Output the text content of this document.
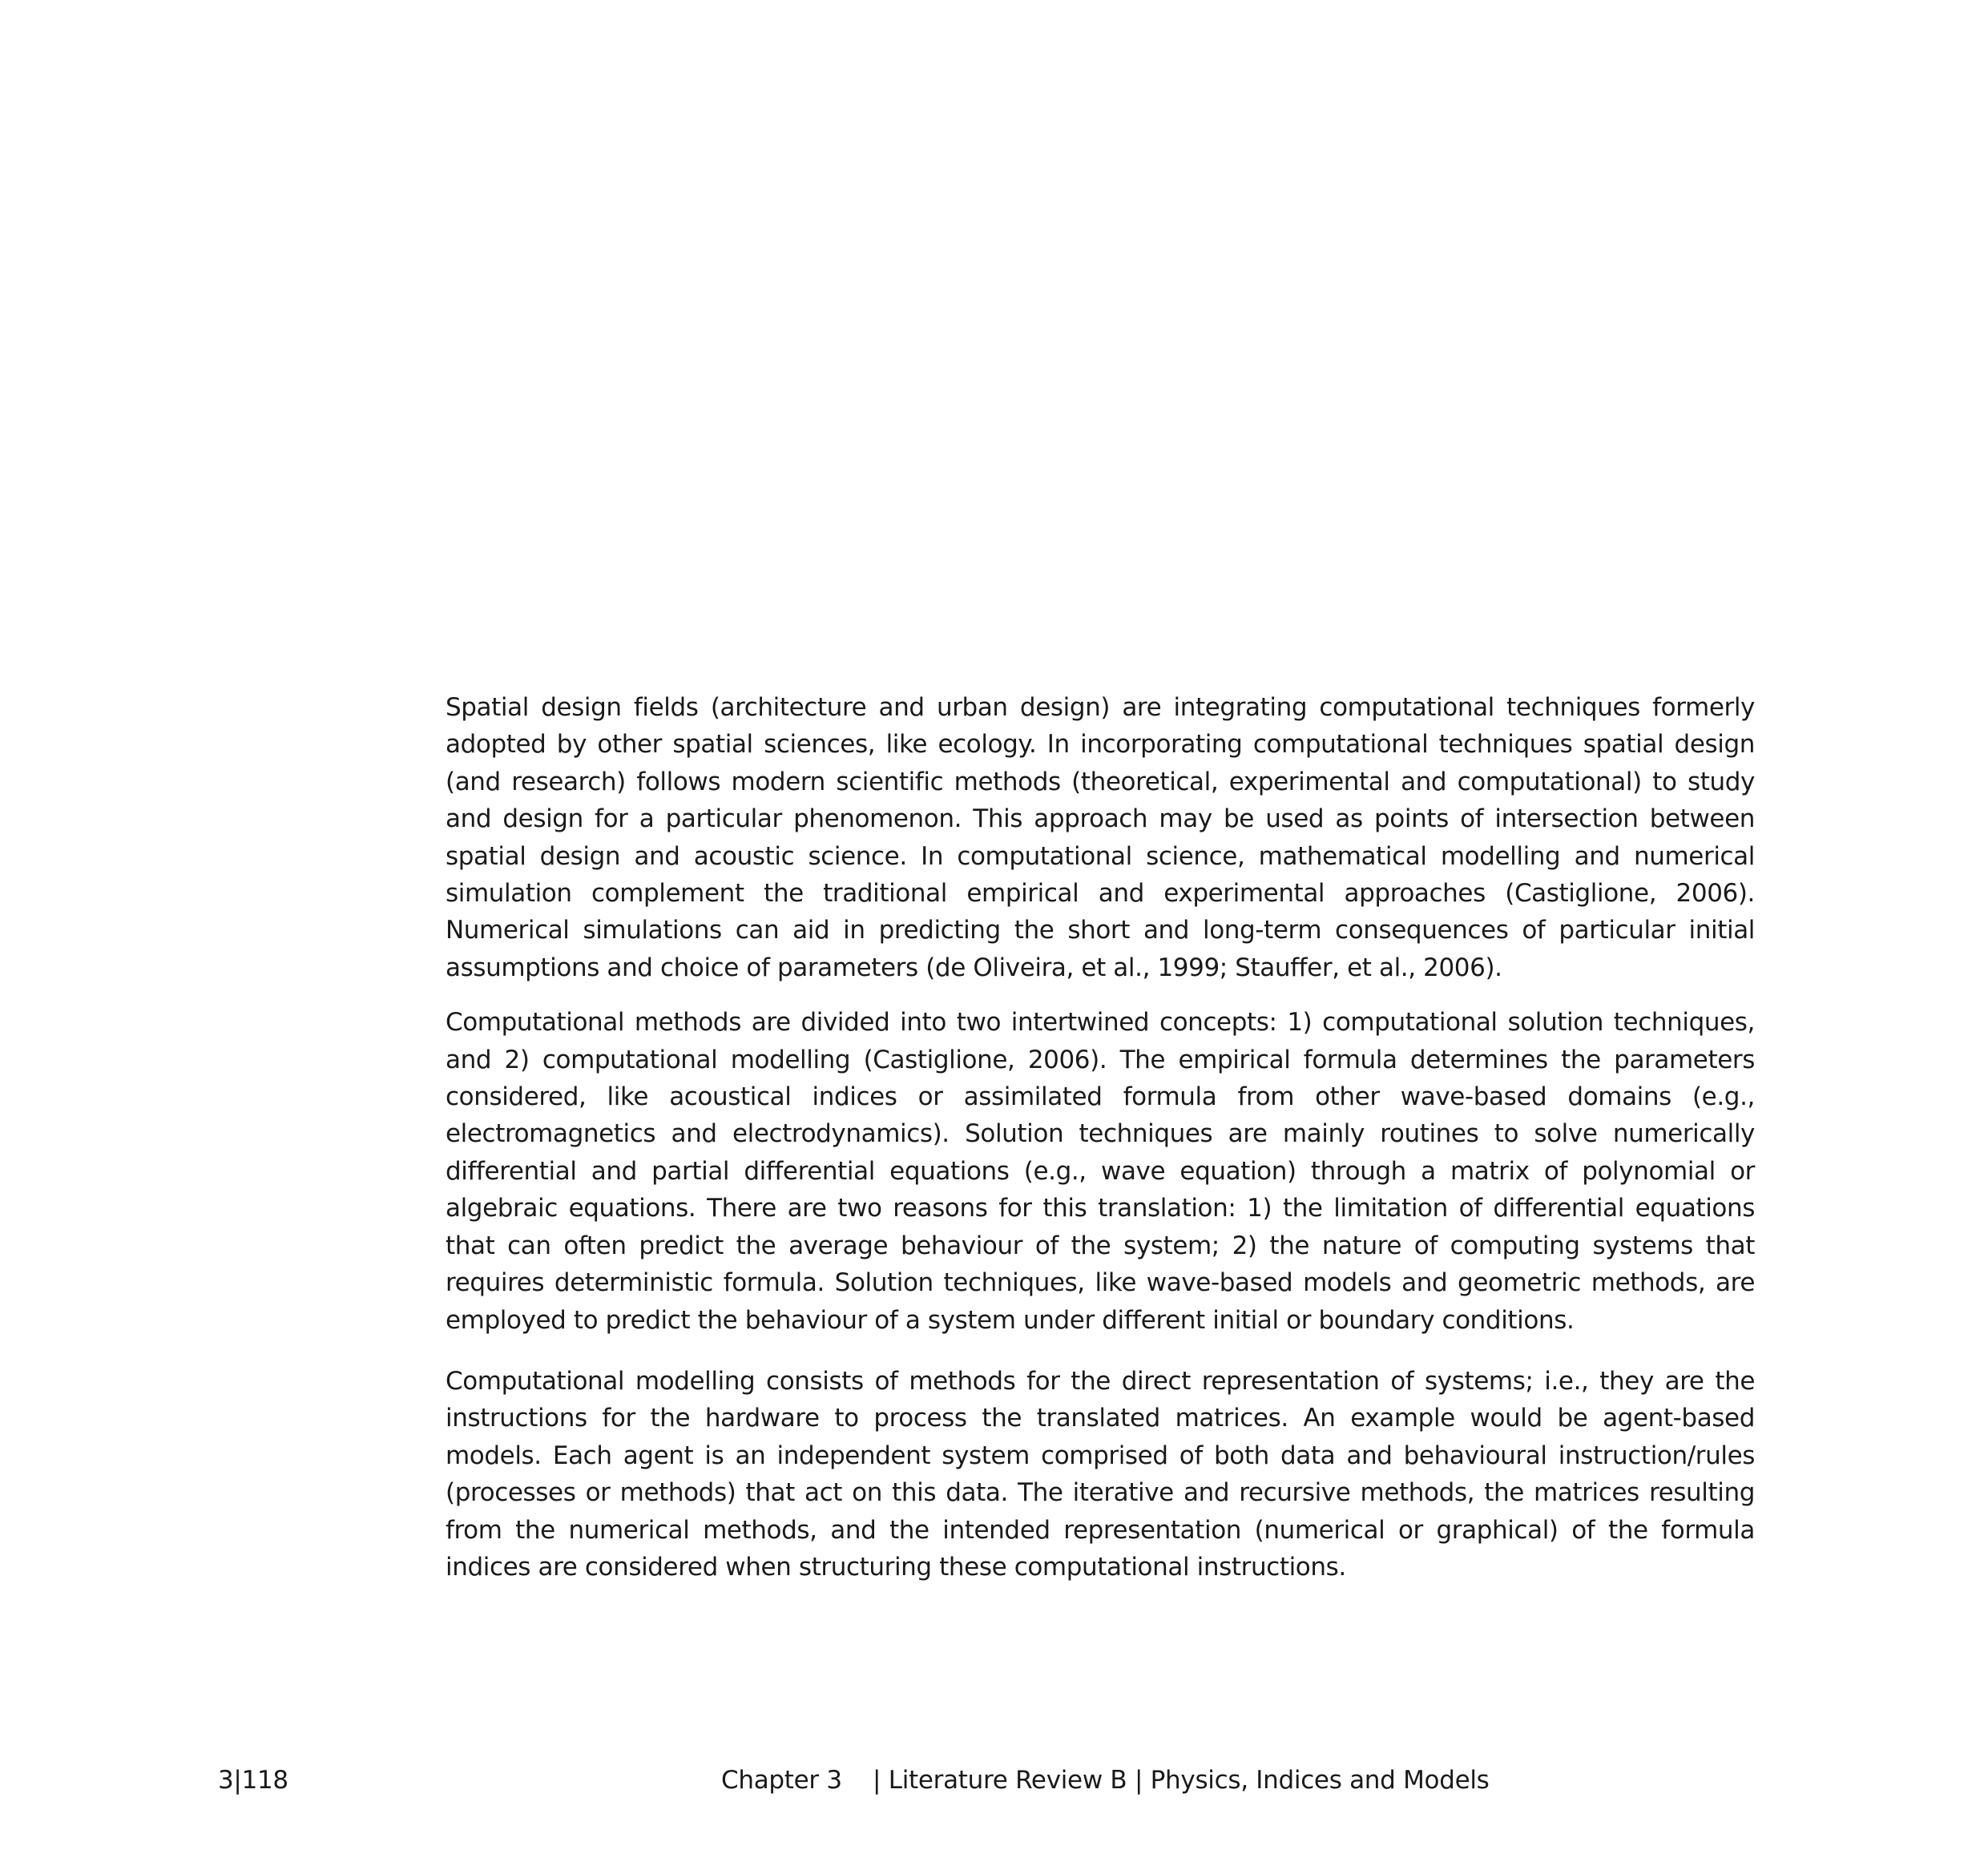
Spatial design fields (architecture and urban design) are integrating computational techniques formerly adopted by other spatial sciences, like ecology. In incorporating computational techniques spatial design (and research) follows modern scientific methods (theoretical, experimental and computational) to study and design for a particular phenomenon. This approach may be used as points of intersection between spatial design and acoustic science. In computational science, mathematical modelling and numerical simulation complement the traditional empirical and experimental approaches (Castiglione, 2006). Numerical simulations can aid in predicting the short and long-term consequences of particular initial assumptions and choice of parameters (de Oliveira, et al., 1999; Stauffer, et al., 2006).

Computational methods are divided into two intertwined concepts: 1) computational solution techniques, and 2) computational modelling (Castiglione, 2006). The empirical formula determines the parameters considered, like acoustical indices or assimilated formula from other wave-based domains (e.g., electromagnetics and electrodynamics). Solution techniques are mainly routines to solve numerically differential and partial differential equations (e.g., wave equation) through a matrix of polynomial or algebraic equations. There are two reasons for this translation: 1) the limitation of differential equations that can often predict the average behaviour of the system; 2) the nature of computing systems that requires deterministic formula. Solution techniques, like wave-based models and geometric methods, are employed to predict the behaviour of a system under different initial or boundary conditions.

Computational modelling consists of methods for the direct representation of systems; i.e., they are the instructions for the hardware to process the translated matrices. An example would be agent-based models. Each agent is an independent system comprised of both data and behavioural instruction/rules (processes or methods) that act on this data. The iterative and recursive methods, the matrices resulting from the numerical methods, and the intended representation (numerical or graphical) of the formula indices are considered when structuring these computational instructions.

3|118	Chapter 3    | Literature Review B | Physics, Indices and Models
